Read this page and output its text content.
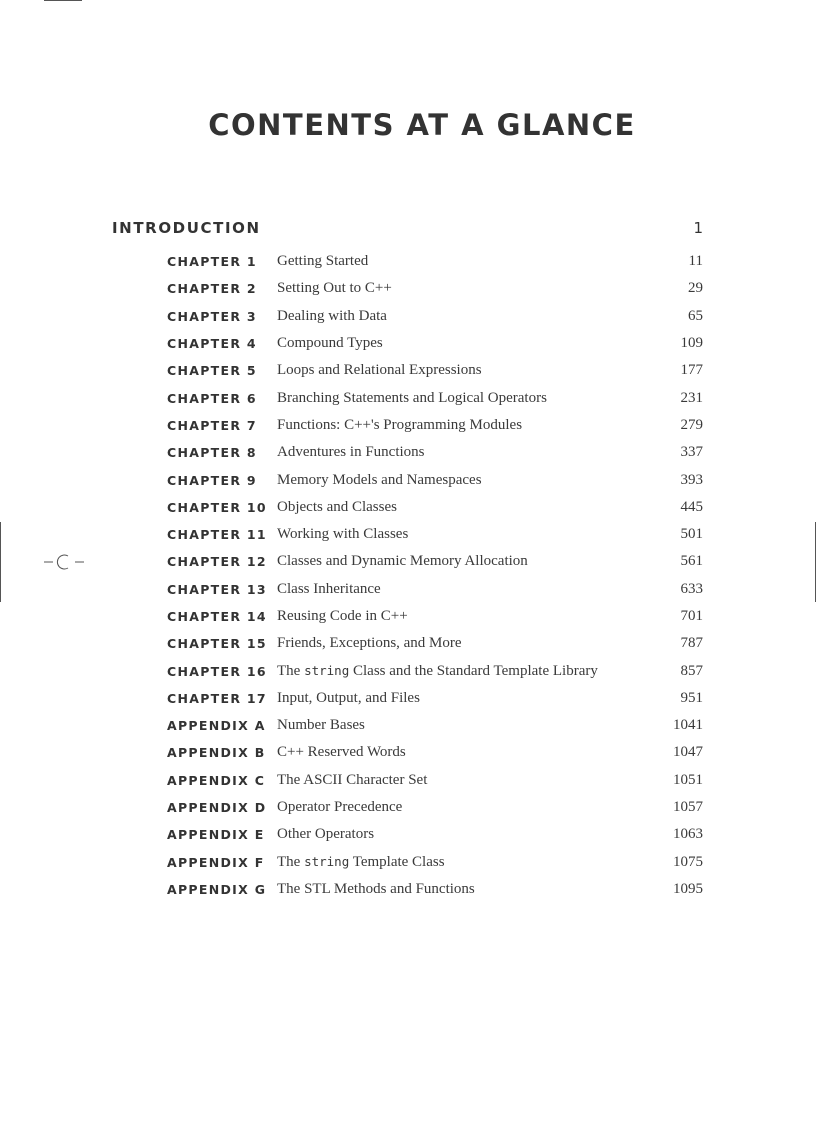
CONTENTS AT A GLANCE
INTRODUCTION	1
CHAPTER 1	Getting Started	11
CHAPTER 2	Setting Out to C++	29
CHAPTER 3	Dealing with Data	65
CHAPTER 4	Compound Types	109
CHAPTER 5	Loops and Relational Expressions	177
CHAPTER 6	Branching Statements and Logical Operators	231
CHAPTER 7	Functions: C++'s Programming Modules	279
CHAPTER 8	Adventures in Functions	337
CHAPTER 9	Memory Models and Namespaces	393
CHAPTER 10 Objects and Classes	445
CHAPTER 11 Working with Classes	501
CHAPTER 12 Classes and Dynamic Memory Allocation	561
CHAPTER 13 Class Inheritance	633
CHAPTER 14 Reusing Code in C++	701
CHAPTER 15 Friends, Exceptions, and More	787
CHAPTER 16 The string Class and the Standard Template Library	857
CHAPTER 17 Input, Output, and Files	951
APPENDIX A Number Bases	1041
APPENDIX B C++ Reserved Words	1047
APPENDIX C The ASCII Character Set	1051
APPENDIX D Operator Precedence	1057
APPENDIX E Other Operators	1063
APPENDIX F The string Template Class	1075
APPENDIX G The STL Methods and Functions	1095
